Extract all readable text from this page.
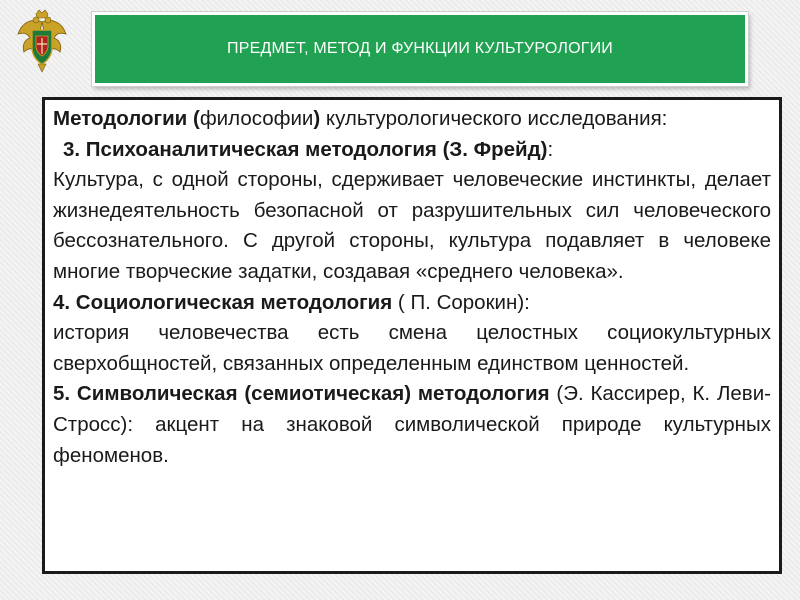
ПРЕДМЕТ, МЕТОД И ФУНКЦИИ КУЛЬТУРОЛОГИИ

Методологии (философии) культурологического исследования:

3. Психоаналитическая методология (З. Фрейд):

Культура, с одной стороны, сдерживает человеческие инстинкты, делает жизнедеятельность безопасной от разрушительных сил человеческого бессознательного. С другой стороны, культура подавляет в человеке многие творческие задатки, создавая «среднего человека».

4. Социологическая методология ( П. Сорокин):

история человечества есть смена целостных социокультурных сверхобщностей, связанных определенным единством ценностей.

5. Символическая (семиотическая) методология (Э. Кассирер, К. Леви-Стросс): акцент на знаковой символической природе культурных феноменов.
